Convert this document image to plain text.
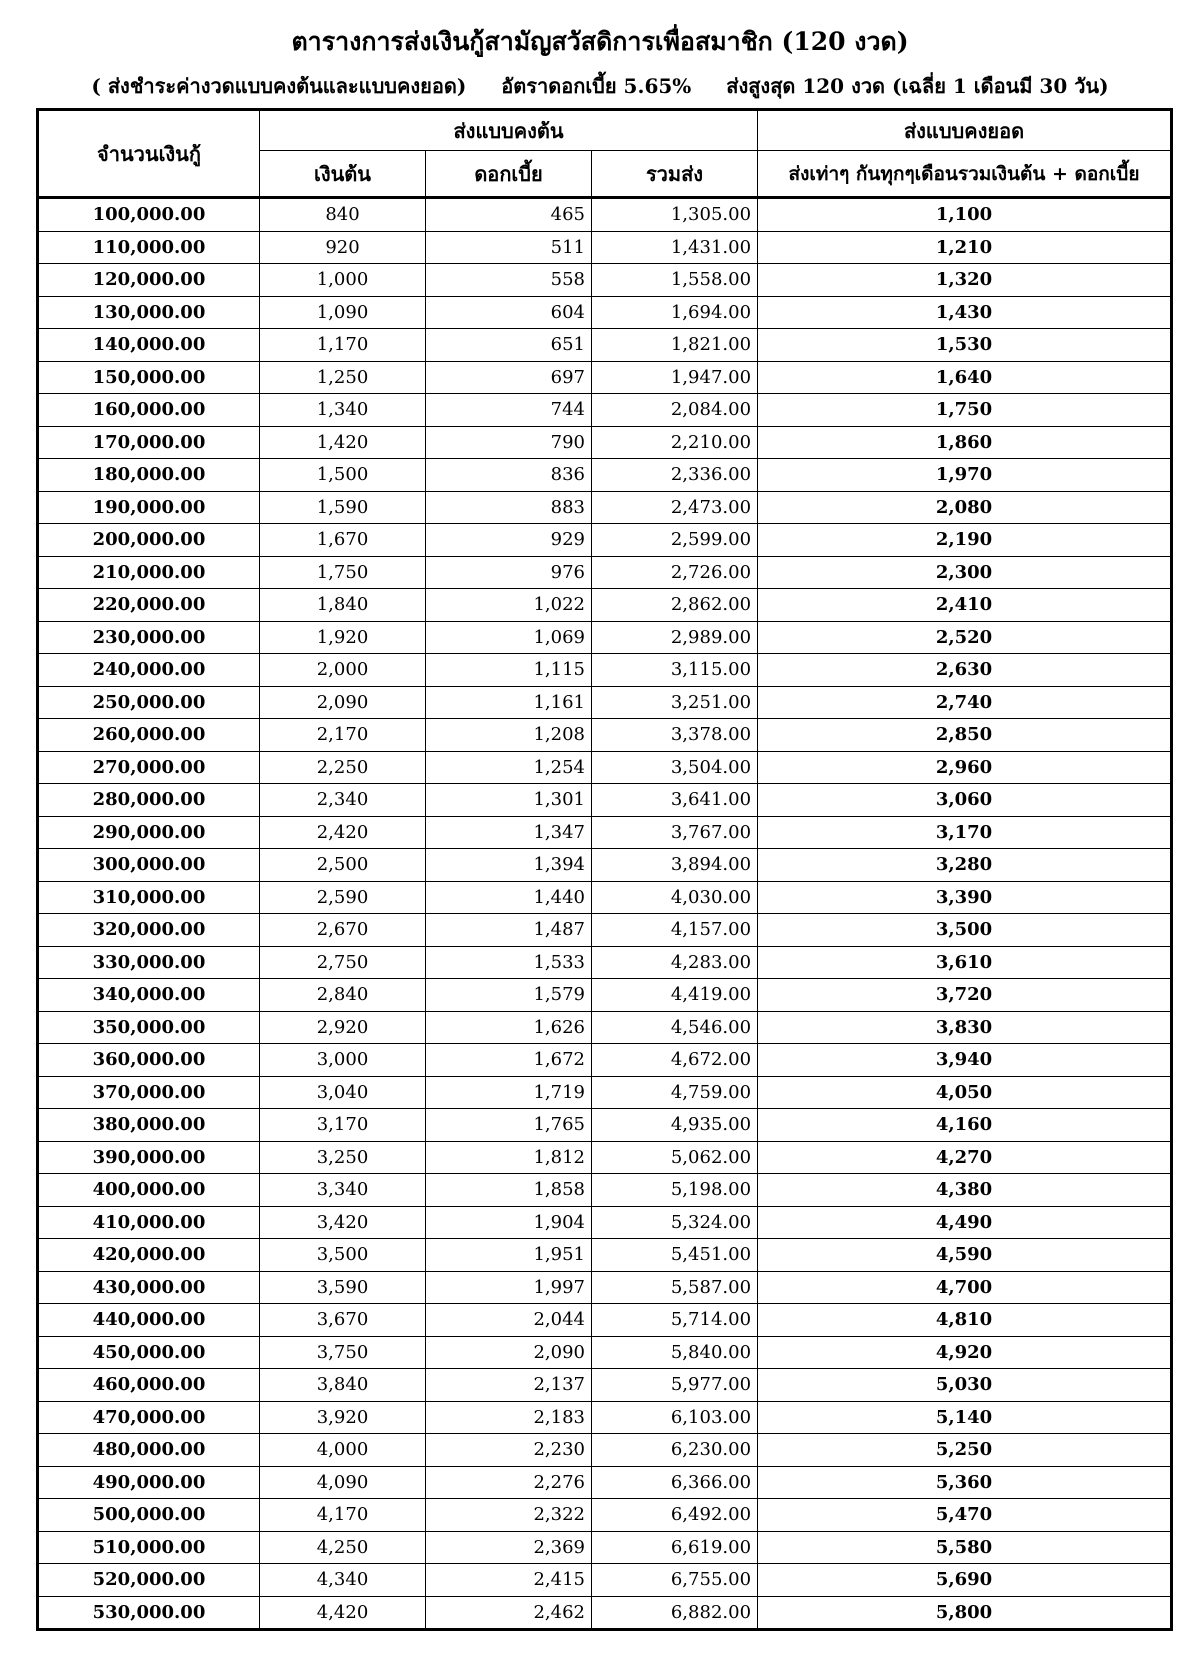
ตารางการส่งเงินกู้สามัญสวัสดิการเพื่อสมาชิก (120 งวด)
( ส่งชำระค่างวดแบบคงต้นและแบบคงยอด) อัตราดอกเบี้ย 5.65% ส่งสูงสุด 120 งวด (เฉลี่ย 1 เดือนมี 30 วัน)
จำนวนเงินกู้	ส่งแบบคงต้น			ส่งแบบคงยอด
	เงินต้น	ดอกเบี้ย	รวมส่ง	ส่งเท่าๆ กันทุกๆเดือนรวมเงินต้น + ดอกเบี้ย
100,000.00	840	465	1,305.00	1,100
110,000.00	920	511	1,431.00	1,210
120,000.00	1,000	558	1,558.00	1,320
130,000.00	1,090	604	1,694.00	1,430
140,000.00	1,170	651	1,821.00	1,530
150,000.00	1,250	697	1,947.00	1,640
160,000.00	1,340	744	2,084.00	1,750
170,000.00	1,420	790	2,210.00	1,860
180,000.00	1,500	836	2,336.00	1,970
190,000.00	1,590	883	2,473.00	2,080
200,000.00	1,670	929	2,599.00	2,190
210,000.00	1,750	976	2,726.00	2,300
220,000.00	1,840	1,022	2,862.00	2,410
230,000.00	1,920	1,069	2,989.00	2,520
240,000.00	2,000	1,115	3,115.00	2,630
250,000.00	2,090	1,161	3,251.00	2,740
260,000.00	2,170	1,208	3,378.00	2,850
270,000.00	2,250	1,254	3,504.00	2,960
280,000.00	2,340	1,301	3,641.00	3,060
290,000.00	2,420	1,347	3,767.00	3,170
300,000.00	2,500	1,394	3,894.00	3,280
310,000.00	2,590	1,440	4,030.00	3,390
320,000.00	2,670	1,487	4,157.00	3,500
330,000.00	2,750	1,533	4,283.00	3,610
340,000.00	2,840	1,579	4,419.00	3,720
350,000.00	2,920	1,626	4,546.00	3,830
360,000.00	3,000	1,672	4,672.00	3,940
370,000.00	3,040	1,719	4,759.00	4,050
380,000.00	3,170	1,765	4,935.00	4,160
390,000.00	3,250	1,812	5,062.00	4,270
400,000.00	3,340	1,858	5,198.00	4,380
410,000.00	3,420	1,904	5,324.00	4,490
420,000.00	3,500	1,951	5,451.00	4,590
430,000.00	3,590	1,997	5,587.00	4,700
440,000.00	3,670	2,044	5,714.00	4,810
450,000.00	3,750	2,090	5,840.00	4,920
460,000.00	3,840	2,137	5,977.00	5,030
470,000.00	3,920	2,183	6,103.00	5,140
480,000.00	4,000	2,230	6,230.00	5,250
490,000.00	4,090	2,276	6,366.00	5,360
500,000.00	4,170	2,322	6,492.00	5,470
510,000.00	4,250	2,369	6,619.00	5,580
520,000.00	4,340	2,415	6,755.00	5,690
530,000.00	4,420	2,462	6,882.00	5,800
